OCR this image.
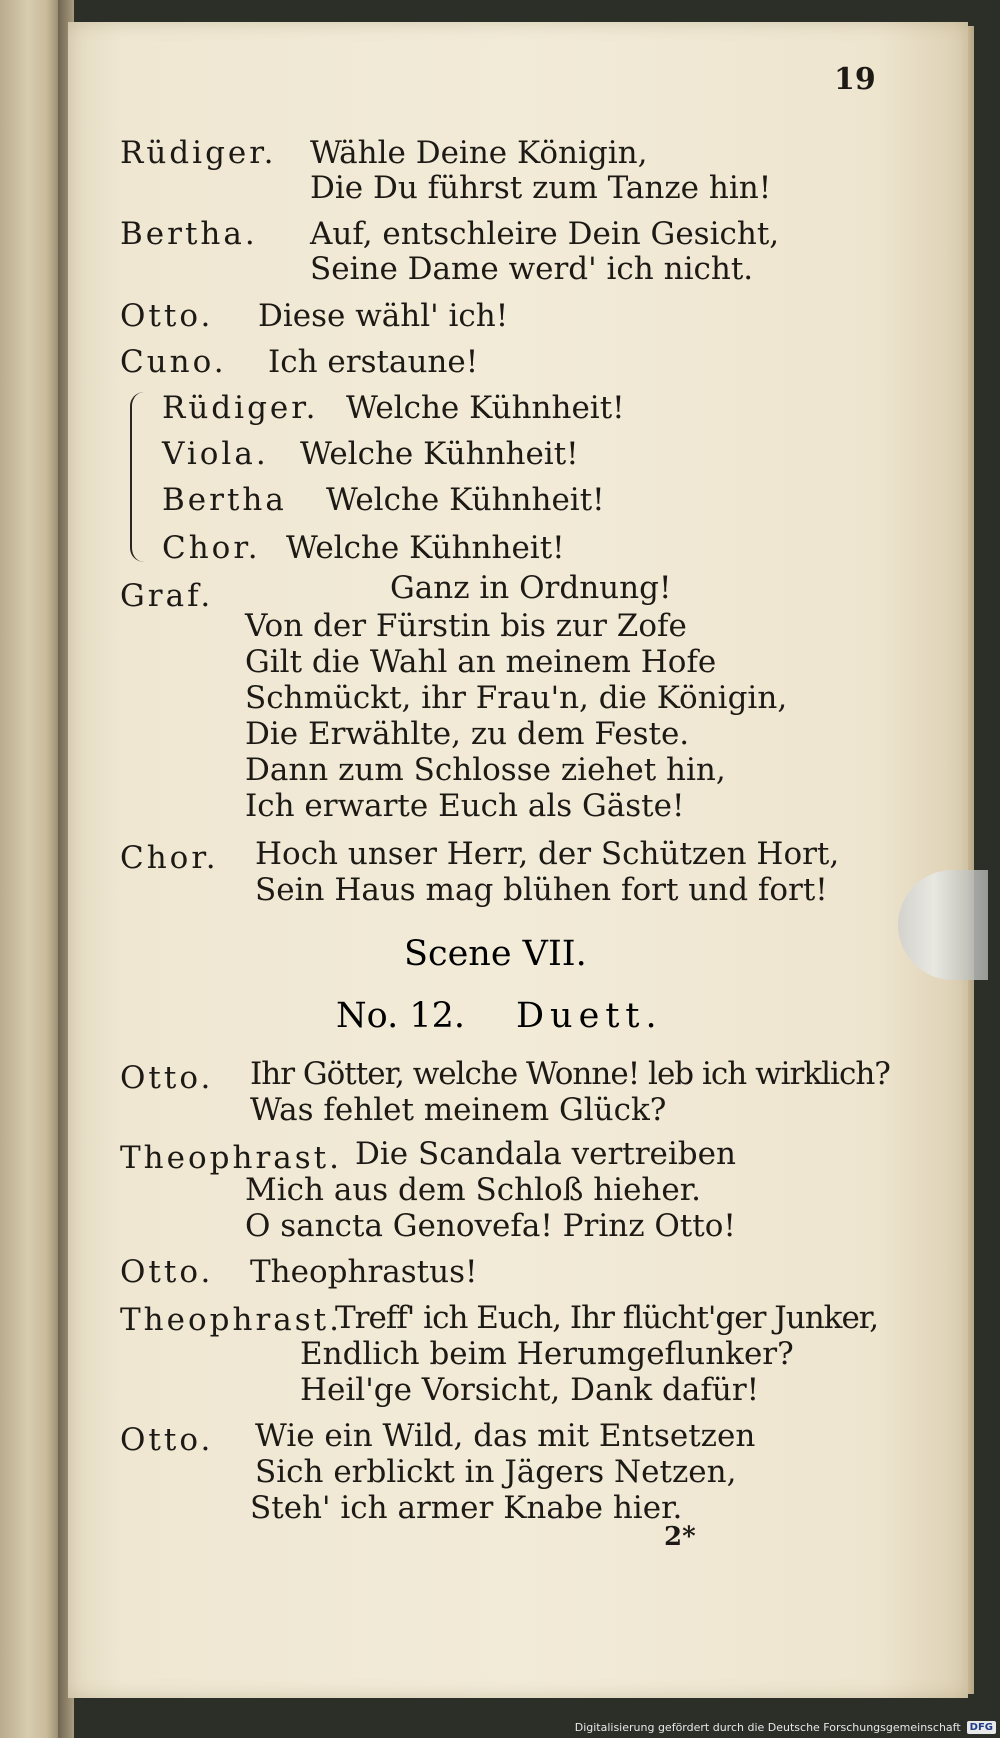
19
Rüdiger. Wähle Deine Königin,
Die Du führst zum Tanze hin!
Bertha. Auf, entschleire Dein Gesicht,
Seine Dame werd' ich nicht.
Otto. Diese wähl' ich!
Cuno. Ich erstaune!
Rüdiger. Welche Kühnheit!
Viola. Welche Kühnheit!
Bertha Welche Kühnheit!
Chor. Welche Kühnheit!
Graf.	Ganz in Ordnung!
Von der Fürstin bis zur Zofe
Gilt die Wahl an meinem Hofe
Schmückt, ihr Frau'n, die Königin,
Die Erwählte, zu dem Feste.
Dann zum Schlosse ziehet hin,
Ich erwarte Euch als Gäste!
Chor. Hoch unser Herr, der Schützen Hort,
Sein Haus mag blühen fort und fort!
Scene VII.
No. 12. Duett.
Otto. Ihr Götter, welche Wonne! leb ich wirklich?
Was fehlet meinem Glück?
Theophrast. Die Scandala vertreiben
Mich aus dem Schloß hieher.
O sancta Genovefa! Prinz Otto!
Otto. Theophrastus!
Theophrast.
Treff' ich Euch, Ihr flücht'ger Junker,
Endlich beim Herumgeflunker?
Heil'ge Vorsicht, Dank dafür!
Otto. Wie ein Wild, das mit Entsetzen
Sich erblickt in Jägers Netzen,
Steh' ich armer Knabe hier.
2*
Digitalisierung gefördert durch die Deutsche Forschungsgemeinschaft DFG
